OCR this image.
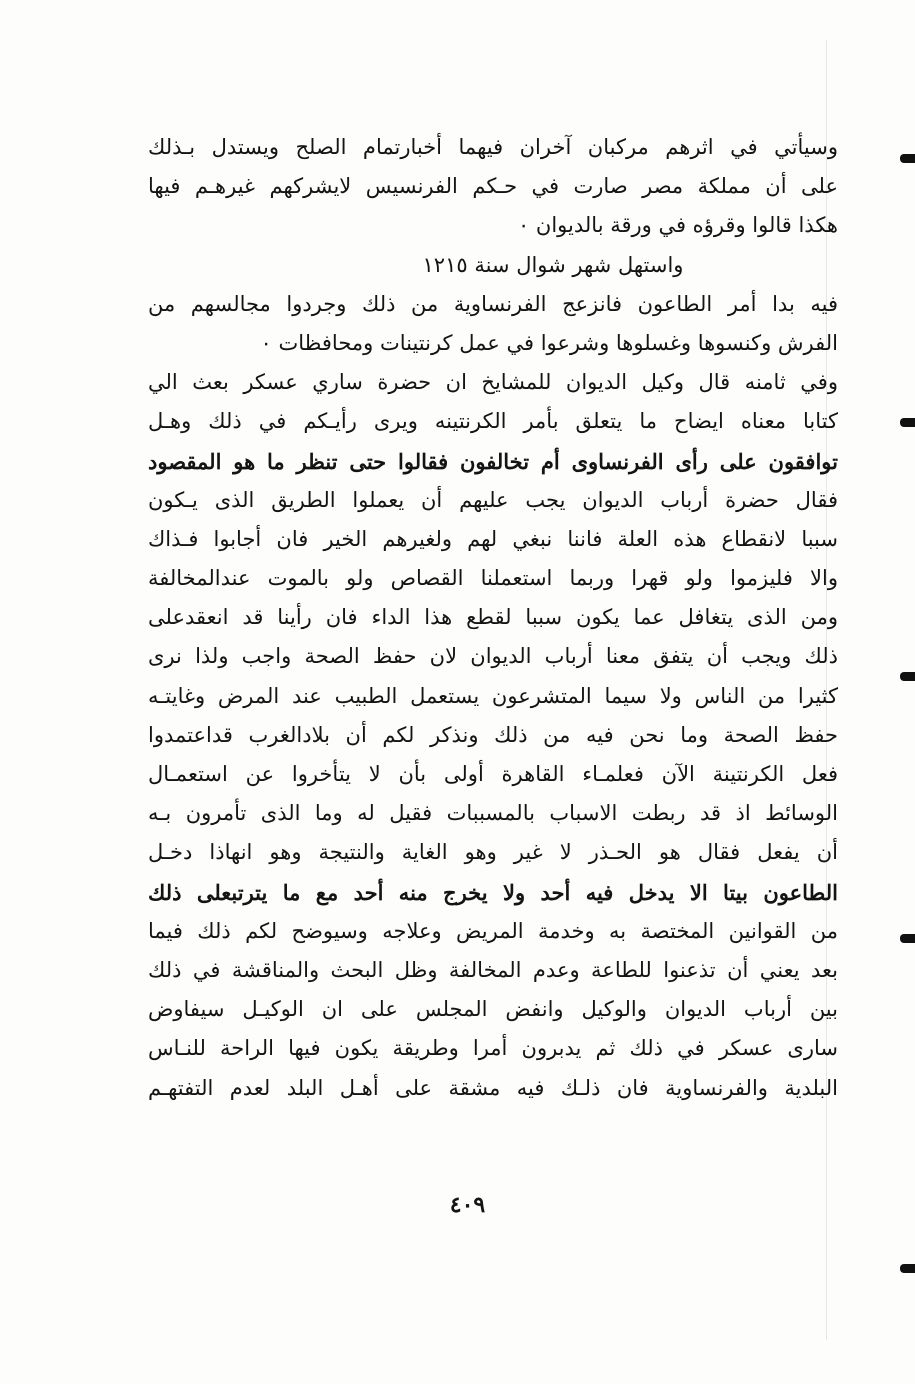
وسيأتي في اثرهم مركبان آخران فيهما أخبارتمام الصلح ويستدل بـذلك
على أن مملكة مصر صارت في حـكم الفرنسيس لايشركهم غيرهـم فيها
هكذا قالوا وقرؤه في ورقة بالديوان ٠
واستهل شهر شوال سنة ١٢١٥
فيه بدا أمر الطاعون فانزعج الفرنساوية من ذلك وجردوا مجالسهم من
الفرش وكنسوها وغسلوها وشرعوا في عمل كرنتينات ومحافظات ٠
وفي ثامنه قال وكيل الديوان للمشايخ ان حضرة ساري عسكر بعث الي
كتابا معناه ايضاح ما يتعلق بأمر الكرنتينه ويرى رأيـكم في ذلك وهـل
توافقون على رأى الفرنساوى أم تخالفون فقالوا حتى تنظر ما هو المقصود
فقال حضرة أرباب الديوان يجب عليهم أن يعملوا الطريق الذى يـكون
سببا لانقطاع هذه العلة فاننا نبغي لهم ولغيرهم الخير فان أجابوا فـذاك
والا فليزموا ولو قهرا وربما استعملنا القصاص ولو بالموت عندالمخالفة
ومن الذى يتغافل عما يكون سببا لقطع هذا الداء فان رأينا قد انعقدعلى
ذلك ويجب أن يتفق معنا أرباب الديوان لان حفظ الصحة واجب ولذا نرى
كثيرا من الناس ولا سيما المتشرعون يستعمل الطبيب عند المرض وغايتـه
حفظ الصحة وما نحن فيه من ذلك ونذكر لكم أن بلادالغرب قداعتمدوا
فعل الكرنتينة الآن فعلمـاء القاهرة أولى بأن لا يتأخروا عن استعمـال
الوسائط اذ قد ربطت الاسباب بالمسببات فقيل له وما الذى تأمرون بـه
أن يفعل فقال هو الحـذر لا غير وهو الغاية والنتيجة وهو انهاذا دخـل
الطاعون بيتا الا يدخل فيه أحد ولا يخرج منه أحد مع ما يترتبعلى ذلك
من القوانين المختصة به وخدمة المريض وعلاجه وسيوضح لكم ذلك فيما
بعد يعني أن تذعنوا للطاعة وعدم المخالفة وظل البحث والمناقشة في ذلك
بين أرباب الديوان والوكيل وانفض المجلس على ان الوكيـل سيفاوض
سارى عسكر في ذلك ثم يدبرون أمرا وطريقة يكون فيها الراحة للنـاس
البلدية والفرنساوية فان ذلـك فيه مشقة على أهـل البلد لعدم التفتهـم
٤٠٩
